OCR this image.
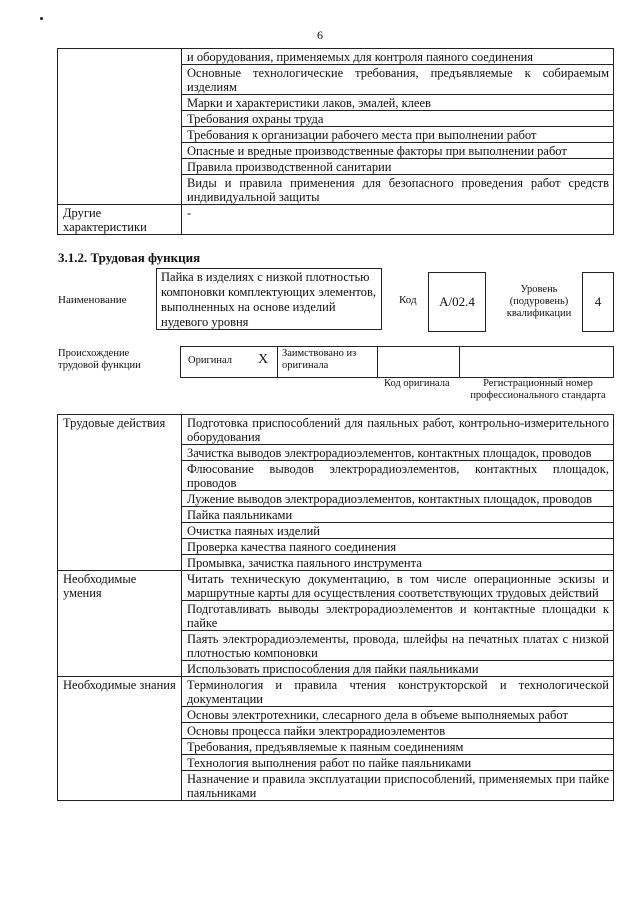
6
	и оборудования, применяемых для контроля паяного соединения
	Основные технологические требования, предъявляемые к собираемым изделиям
	Марки и характеристики лаков, эмалей, клеев
	Требования охраны труда
	Требования к организации рабочего места при выполнении работ
	Опасные и вредные производственные факторы при выполнении работ
	Правила производственной санитарии
	Виды и правила применения для безопасного проведения работ средств индивидуальной защиты
Другие характеристики	-
3.1.2. Трудовая функция
Наименование
Пайка в изделиях с низкой плотностью компоновки комплектующих элементов, выполненных на основе изделий нудевого уровня
Код	А/02.4
Уровень (подуровень) квалификации
4
Происхождение трудовой функции	Оригинал X Заимствовано из оригинала
Код оригинала	Регистрационный номер профессионального стандарта
Трудовые действия	Подготовка приспособлений для паяльных работ, контрольно-измерительного оборудования
	Зачистка выводов электрорадиоэлементов, контактных площадок, проводов
	Флюсование выводов электрорадиоэлементов, контактных площадок, проводов
	Лужение выводов электрорадиоэлементов, контактных площадок, проводов
	Пайка паяльниками
	Очистка паяных изделий
	Проверка качества паяного соединения
	Промывка, зачистка паяльного инструмента
Необходимые умения	Читать техническую документацию, в том числе операционные эскизы и маршрутные карты для осуществления соответствующих трудовых действий
	Подготавливать выводы электрорадиоэлементов и контактные площадки к пайке
	Паять электрорадиоэлементы, провода, шлейфы на печатных платах с низкой плотностью компоновки
	Использовать приспособления для пайки паяльниками
Необходимые знания	Терминология и правила чтения конструкторской и технологической документации
	Основы электротехники, слесарного дела в объеме выполняемых работ
	Основы процесса пайки электрорадиоэлементов
	Требования, предъявляемые к паяным соединениям
	Технология выполнения работ по пайке паяльниками
	Назначение и правила эксплуатации приспособлений, применяемых при пайке паяльниками
